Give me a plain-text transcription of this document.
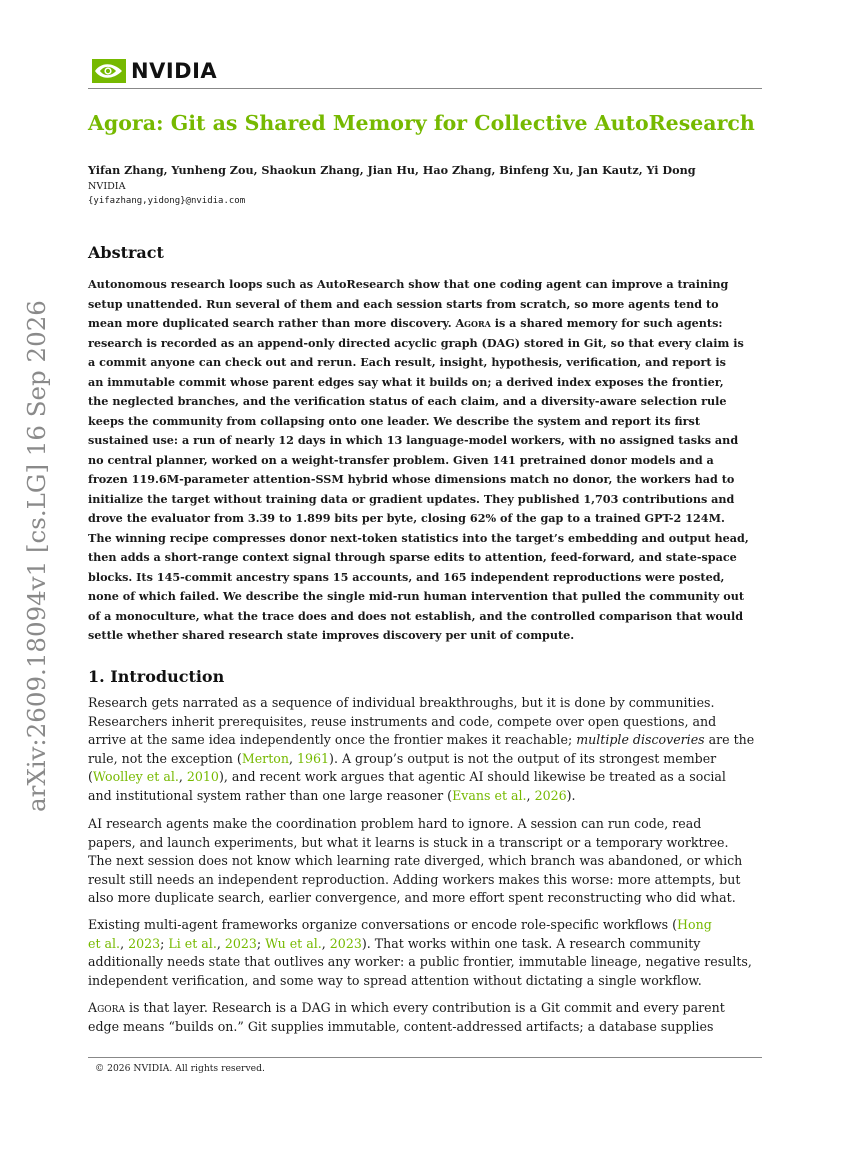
NVIDIA
Agora: Git as Shared Memory for Collective AutoResearch
Yifan Zhang, Yunheng Zou, Shaokun Zhang, Jian Hu, Hao Zhang, Binfeng Xu, Jan Kautz, Yi Dong
NVIDIA
{yifazhang,yidong}@nvidia.com
arXiv:2609.18094v1 [cs.LG] 16 Sep 2026
Abstract
Autonomous research loops such as AutoResearch show that one coding agent can improve a training
setup unattended. Run several of them and each session starts from scratch, so more agents tend to
mean more duplicated search rather than more discovery. Agora is a shared memory for such agents:
research is recorded as an append-only directed acyclic graph (DAG) stored in Git, so that every claim is
a commit anyone can check out and rerun. Each result, insight, hypothesis, verification, and report is
an immutable commit whose parent edges say what it builds on; a derived index exposes the frontier,
the neglected branches, and the verification status of each claim, and a diversity-aware selection rule
keeps the community from collapsing onto one leader. We describe the system and report its first
sustained use: a run of nearly 12 days in which 13 language-model workers, with no assigned tasks and
no central planner, worked on a weight-transfer problem. Given 141 pretrained donor models and a
frozen 119.6M-parameter attention-SSM hybrid whose dimensions match no donor, the workers had to
initialize the target without training data or gradient updates. They published 1,703 contributions and
drove the evaluator from 3.39 to 1.899 bits per byte, closing 62% of the gap to a trained GPT-2 124M.
The winning recipe compresses donor next-token statistics into the target’s embedding and output head,
then adds a short-range context signal through sparse edits to attention, feed-forward, and state-space
blocks. Its 145-commit ancestry spans 15 accounts, and 165 independent reproductions were posted,
none of which failed. We describe the single mid-run human intervention that pulled the community out
of a monoculture, what the trace does and does not establish, and the controlled comparison that would
settle whether shared research state improves discovery per unit of compute.
1. Introduction
Research gets narrated as a sequence of individual breakthroughs, but it is done by communities.
Researchers inherit prerequisites, reuse instruments and code, compete over open questions, and
arrive at the same idea independently once the frontier makes it reachable; multiple discoveries are the
rule, not the exception (Merton, 1961). A group’s output is not the output of its strongest member
(Woolley et al., 2010), and recent work argues that agentic AI should likewise be treated as a social
and institutional system rather than one large reasoner (Evans et al., 2026).
AI research agents make the coordination problem hard to ignore. A session can run code, read
papers, and launch experiments, but what it learns is stuck in a transcript or a temporary worktree.
The next session does not know which learning rate diverged, which branch was abandoned, or which
result still needs an independent reproduction. Adding workers makes this worse: more attempts, but
also more duplicate search, earlier convergence, and more effort spent reconstructing who did what.
Existing multi-agent frameworks organize conversations or encode role-specific workflows (Hong
et al., 2023; Li et al., 2023; Wu et al., 2023). That works within one task. A research community
additionally needs state that outlives any worker: a public frontier, immutable lineage, negative results,
independent verification, and some way to spread attention without dictating a single workflow.
Agora is that layer. Research is a DAG in which every contribution is a Git commit and every parent
edge means “builds on.” Git supplies immutable, content-addressed artifacts; a database supplies
© 2026 NVIDIA. All rights reserved.
